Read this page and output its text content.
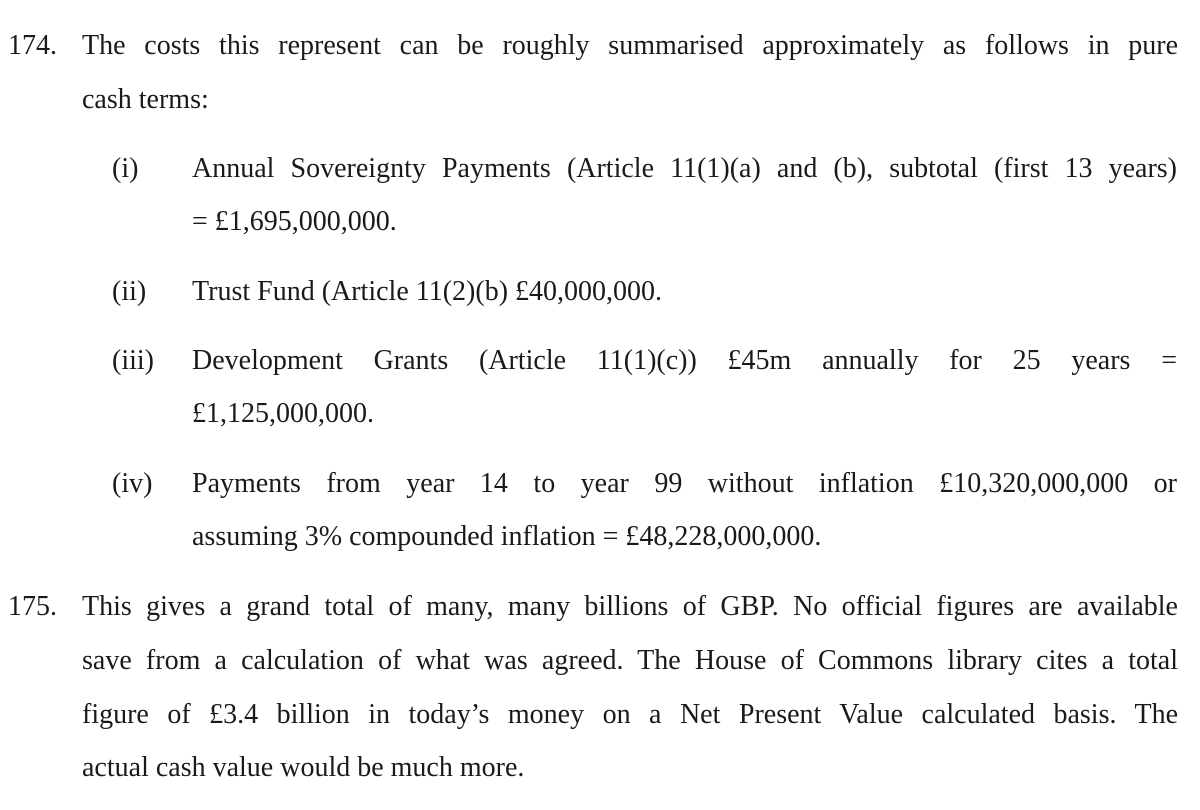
174. The costs this represent can be roughly summarised approximately as follows in pure
cash terms:
(i) Annual Sovereignty Payments (Article 11(1)(a) and (b), subtotal (first 13 years)
= £1,695,000,000.
(ii) Trust Fund (Article 11(2)(b) £40,000,000.
(iii) Development Grants (Article 11(1)(c)) £45m annually for 25 years =
£1,125,000,000.
(iv) Payments from year 14 to year 99 without inflation £10,320,000,000 or
assuming 3% compounded inflation = £48,228,000,000.
175. This gives a grand total of many, many billions of GBP. No official figures are available
save from a calculation of what was agreed. The House of Commons library cites a total
figure of £3.4 billion in today’s money on a Net Present Value calculated basis. The
actual cash value would be much more.
